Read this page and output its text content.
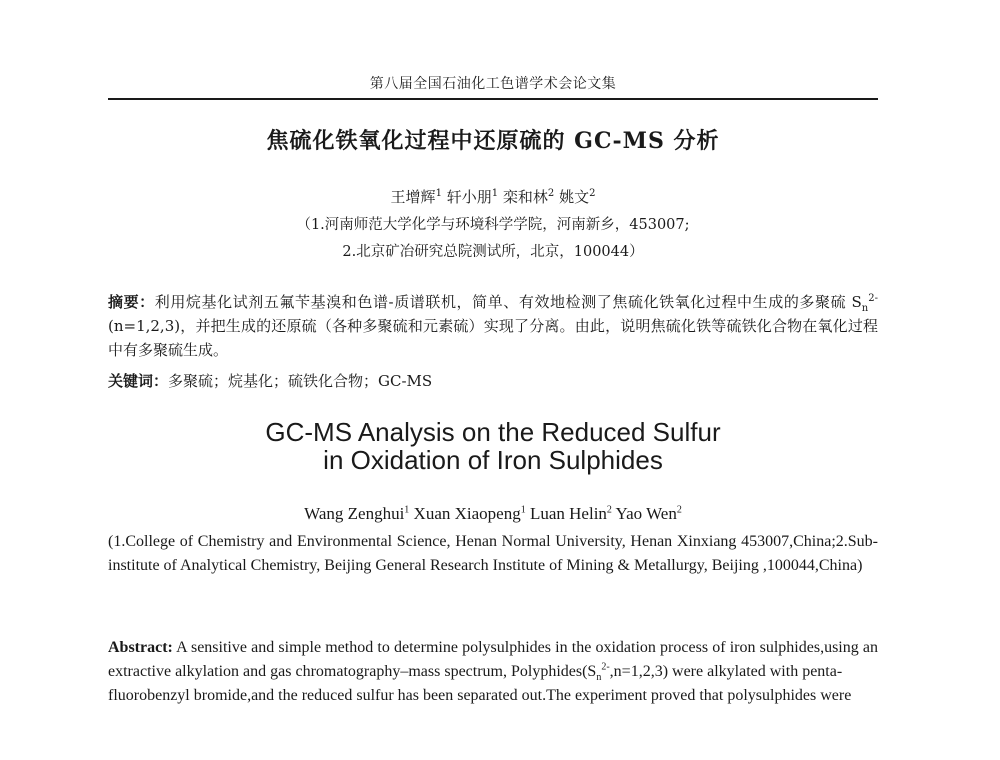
第八届全国石油化工色谱学术会论文集
焦硫化铁氧化过程中还原硫的 GC-MS 分析
王增辉$^1$ 轩小朋$^1$ 栾和林$^2$ 姚文$^2$
（1.河南师范大学化学与环境科学学院，河南新乡，453007;
2.北京矿冶研究总院测试所，北京，100044）
摘要：利用烷基化试剂五氟苄基溴和色谱-质谱联机，简单、有效地检测了焦硫化铁氧化过程中生成的多聚硫 $S_n^{2-}(n=1,2,3)$，并把生成的还原硫（各种多聚硫和元素硫）实现了分离。由此，说明焦硫化铁等硫铁化合物在氧化过程中有多聚硫生成。
关键词：多聚硫；烷基化；硫铁化合物；GC-MS
GC-MS Analysis on the Reduced Sulfur
in Oxidation of Iron Sulphides
Wang Zenghui$^1$ Xuan Xiaopeng$^1$ Luan Helin$^2$ Yao Wen$^2$
(1.College of Chemistry and Environmental Science, Henan Normal University, Henan Xinxiang 453007,China;2.Sub-institute of Analytical Chemistry, Beijing General Research Institute of Mining & Metallurgy, Beijing ,100044,China)

Abstract: A sensitive and simple method to determine polysulphides in the oxidation process of iron sulphides,using an extractive alkylation and gas chromatography–mass spectrum, $Polyphides(S_n^{2-},n=1,2,3)$ were alkylated with penta-

fluorobenzyl bromide,and the reduced sulfur has been separated out.The experiment proved that polysulphides were
